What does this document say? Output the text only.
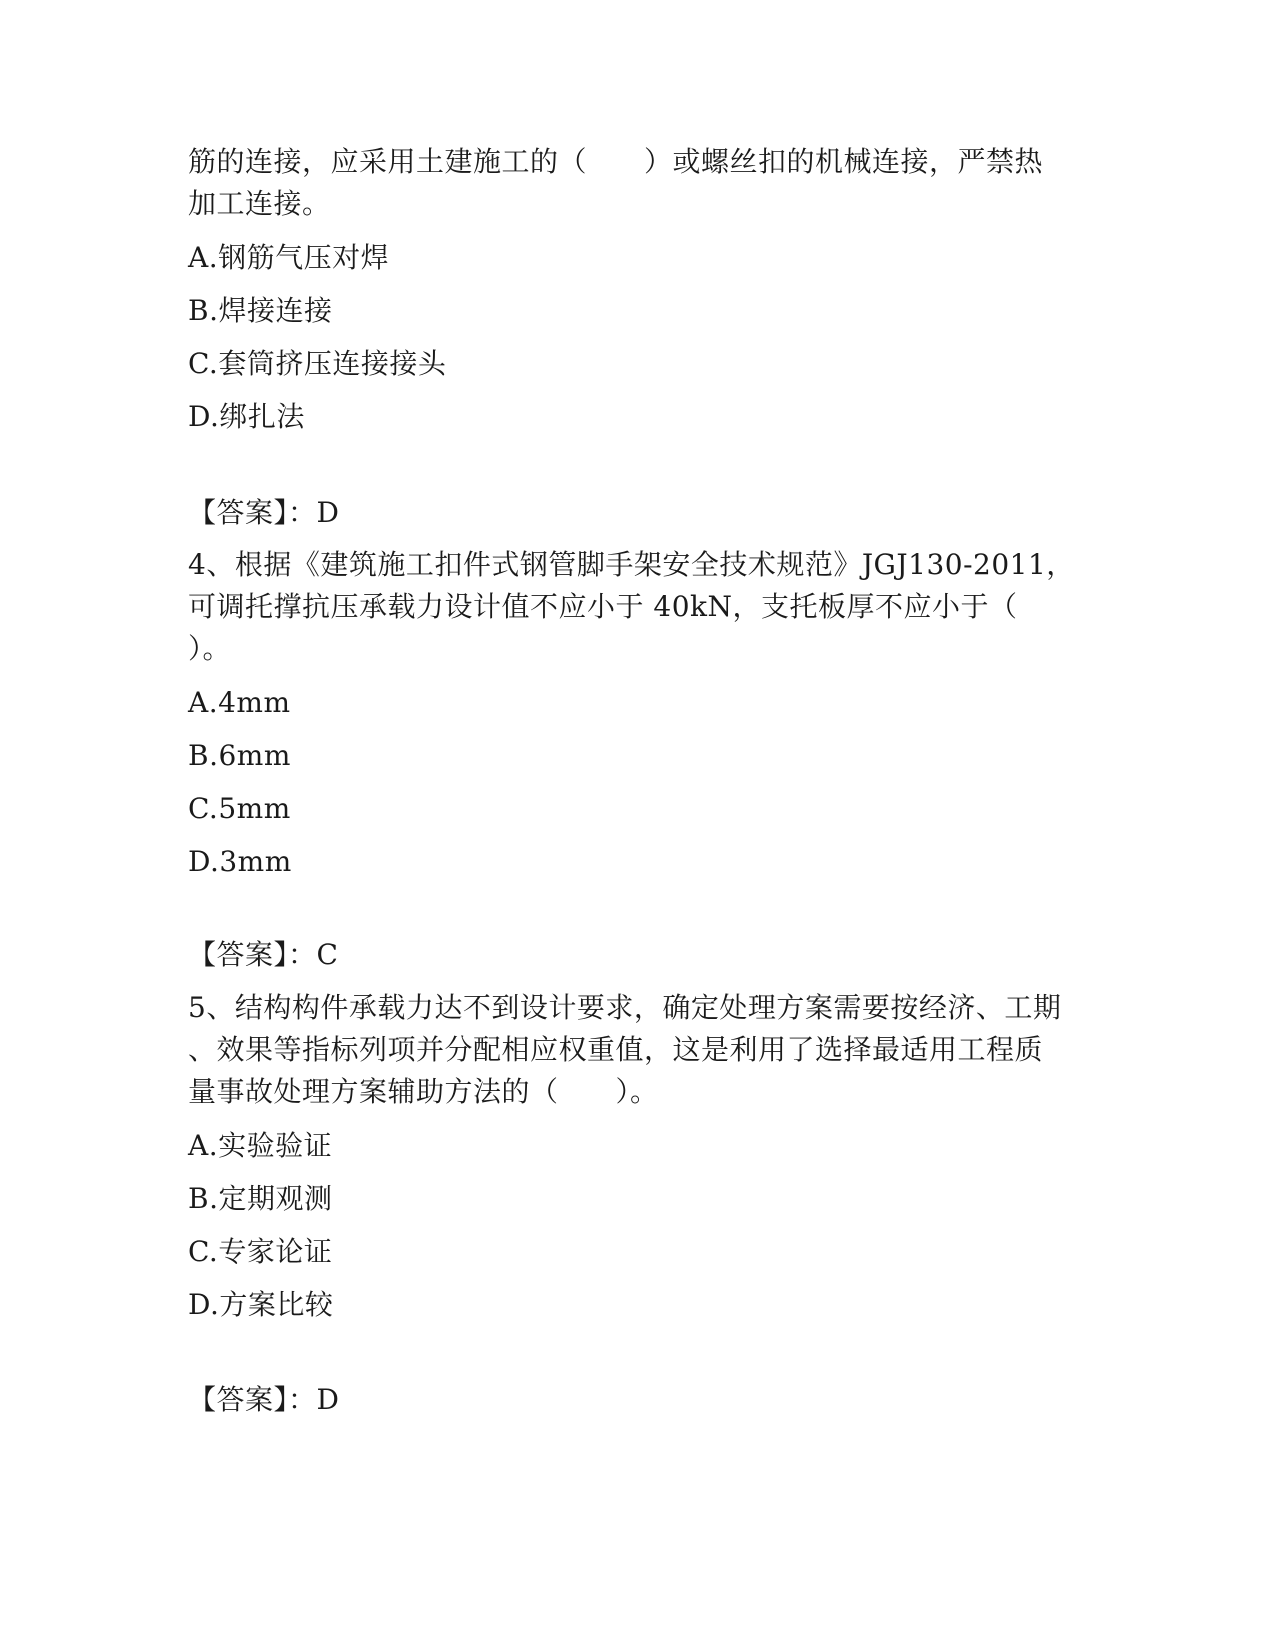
筋的连接，应采用土建施工的（　　）或螺丝扣的机械连接，严禁热
加工连接。
A.钢筋气压对焊
B.焊接连接
C.套筒挤压连接接头
D.绑扎法
【答案】：D
4、根据《建筑施工扣件式钢管脚手架安全技术规范》JGJ130-2011，
可调托撑抗压承载力设计值不应小于 40kN，支托板厚不应小于（
）。
A.4mm
B.6mm
C.5mm
D.3mm
【答案】：C
5、结构构件承载力达不到设计要求，确定处理方案需要按经济、工期
、效果等指标列项并分配相应权重值，这是利用了选择最适用工程质
量事故处理方案辅助方法的（　　）。
A.实验验证
B.定期观测
C.专家论证
D.方案比较
【答案】：D
